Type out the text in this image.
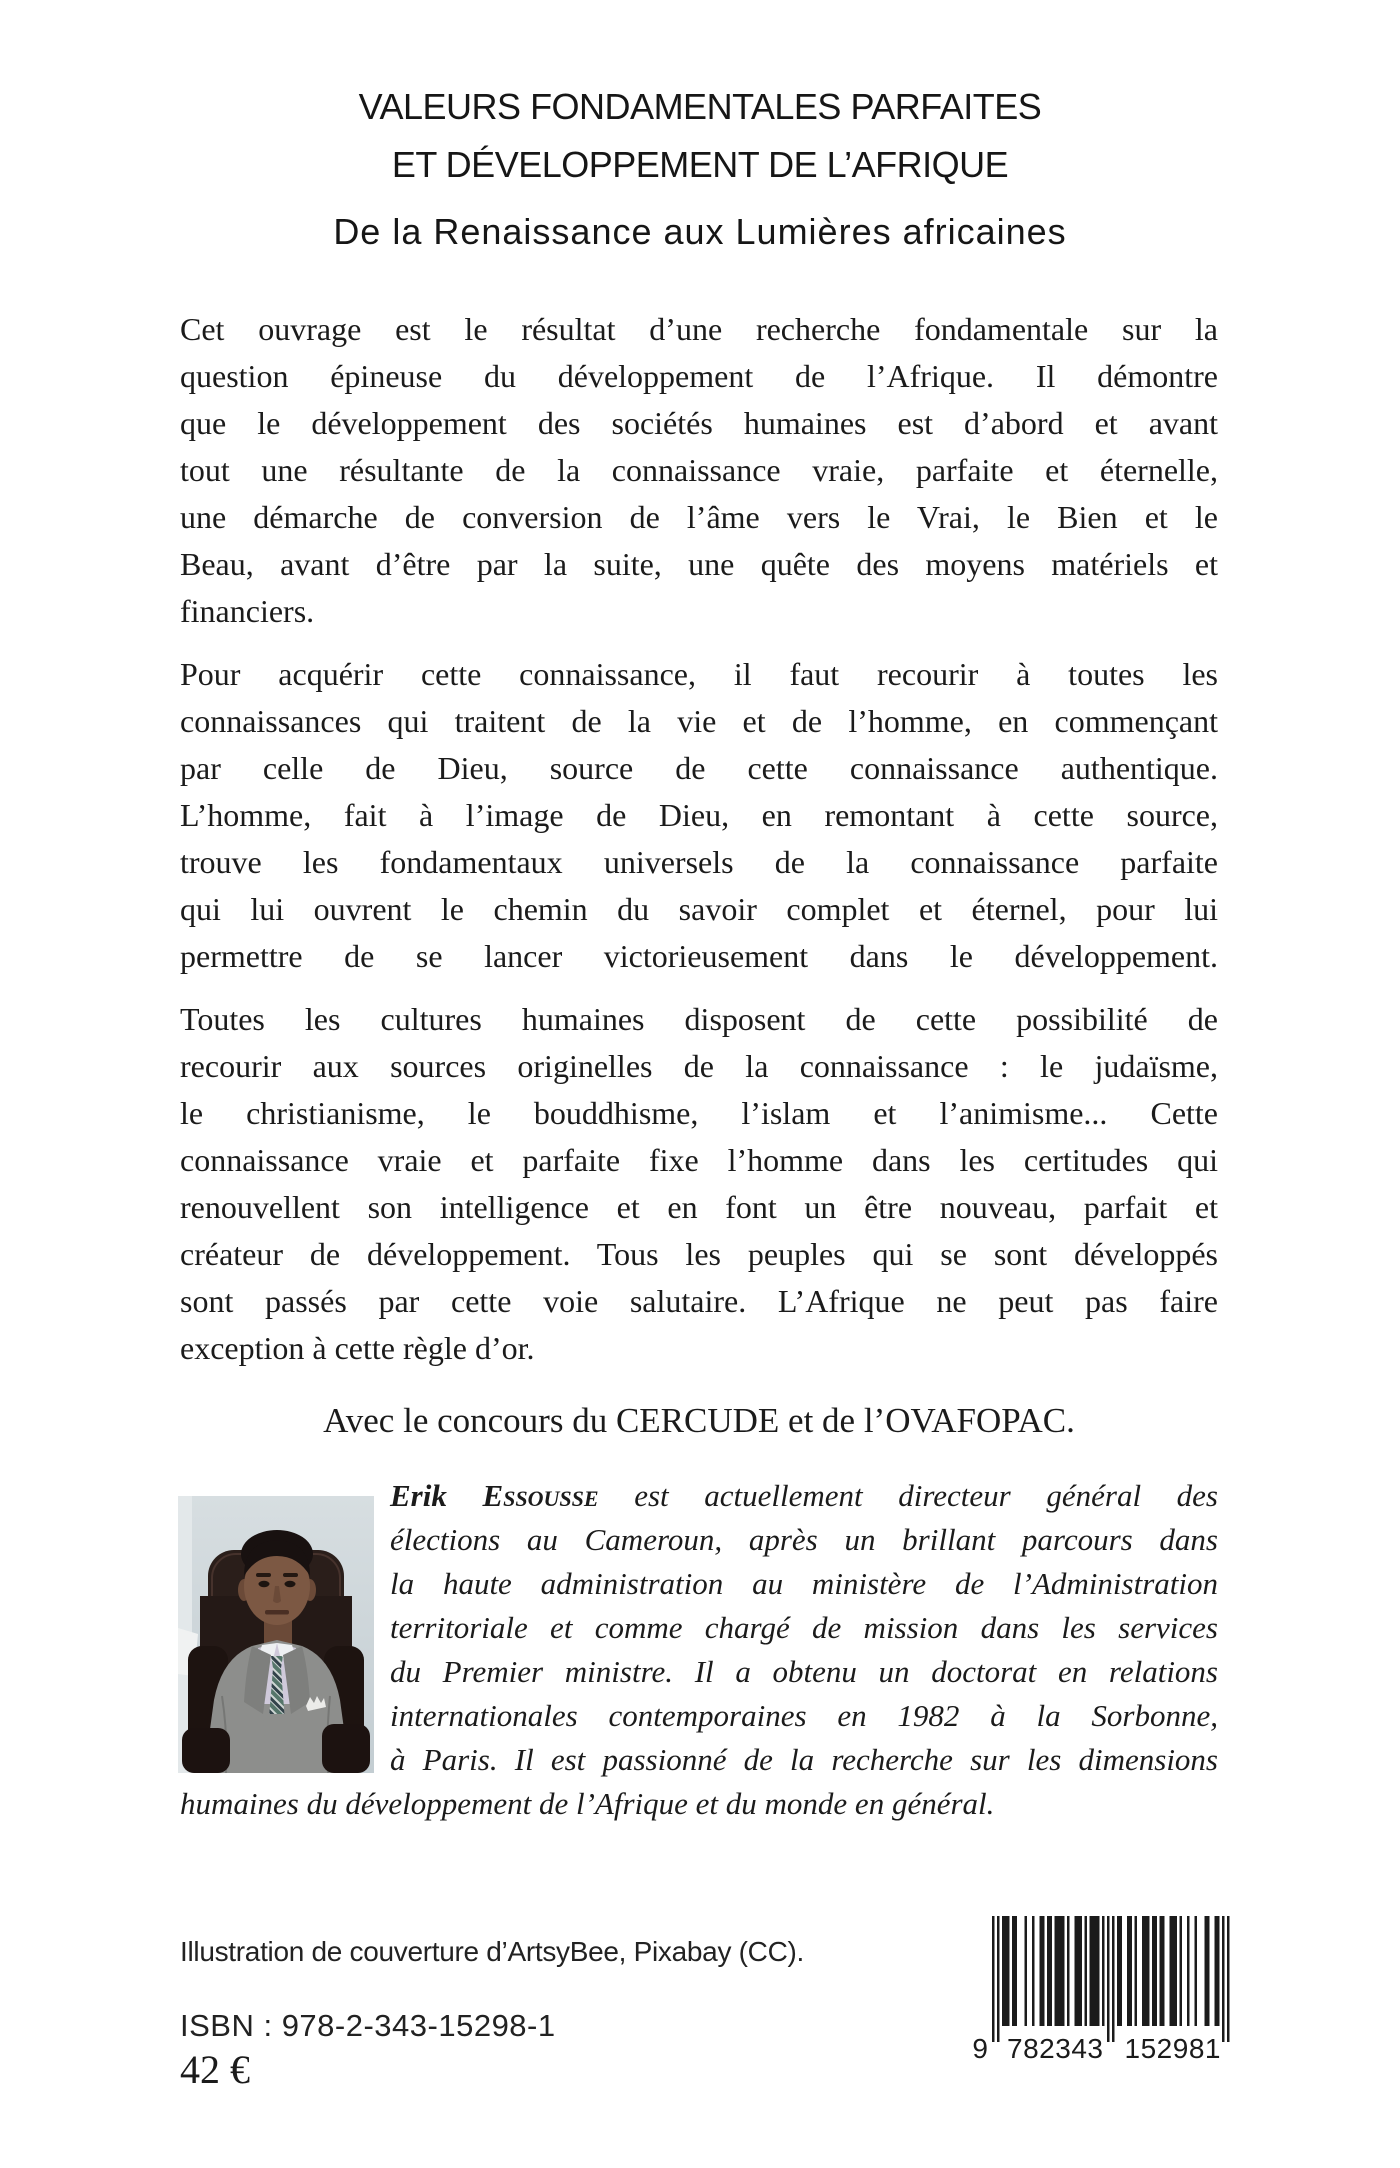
VALEURS FONDAMENTALES PARFAITES
ET DÉVELOPPEMENT DE L’AFRIQUE
De la Renaissance aux Lumières africaines
Cet ouvrage est le résultat d’une recherche fondamentale sur la
question épineuse du développement de l’Afrique. Il démontre
que le développement des sociétés humaines est d’abord et avant
tout une résultante de la connaissance vraie, parfaite et éternelle,
une démarche de conversion de l’âme vers le Vrai, le Bien et le
Beau, avant d’être par la suite, une quête des moyens matériels et
financiers.
Pour acquérir cette connaissance, il faut recourir à toutes les
connaissances qui traitent de la vie et de l’homme, en commençant
par celle de Dieu, source de cette connaissance authentique.
L’homme, fait à l’image de Dieu, en remontant à cette source,
trouve les fondamentaux universels de la connaissance parfaite
qui lui ouvrent le chemin du savoir complet et éternel, pour lui
permettre de se lancer victorieusement dans le développement.
Toutes les cultures humaines disposent de cette possibilité de
recourir aux sources originelles de la connaissance : le judaïsme,
le christianisme, le bouddhisme, l’islam et l’animisme... Cette
connaissance vraie et parfaite fixe l’homme dans les certitudes qui
renouvellent son intelligence et en font un être nouveau, parfait et
créateur de développement. Tous les peuples qui se sont développés
sont passés par cette voie salutaire. L’Afrique ne peut pas faire
exception à cette règle d’or.
Avec le concours du CERCUDE et de l’OVAFOPAC.
Erik Essousse est actuellement directeur général des
élections au Cameroun, après un brillant parcours dans
la haute administration au ministère de l’Administration
territoriale et comme chargé de mission dans les services
du Premier ministre. Il a obtenu un doctorat en relations
internationales contemporaines en 1982 à la Sorbonne,
à Paris. Il est passionné de la recherche sur les dimensions
humaines du développement de l’Afrique et du monde en général.
Illustration de couverture d’ArtsyBee, Pixabay (CC).
ISBN : 978-2-343-15298-1
42 €	9 782343 152981
